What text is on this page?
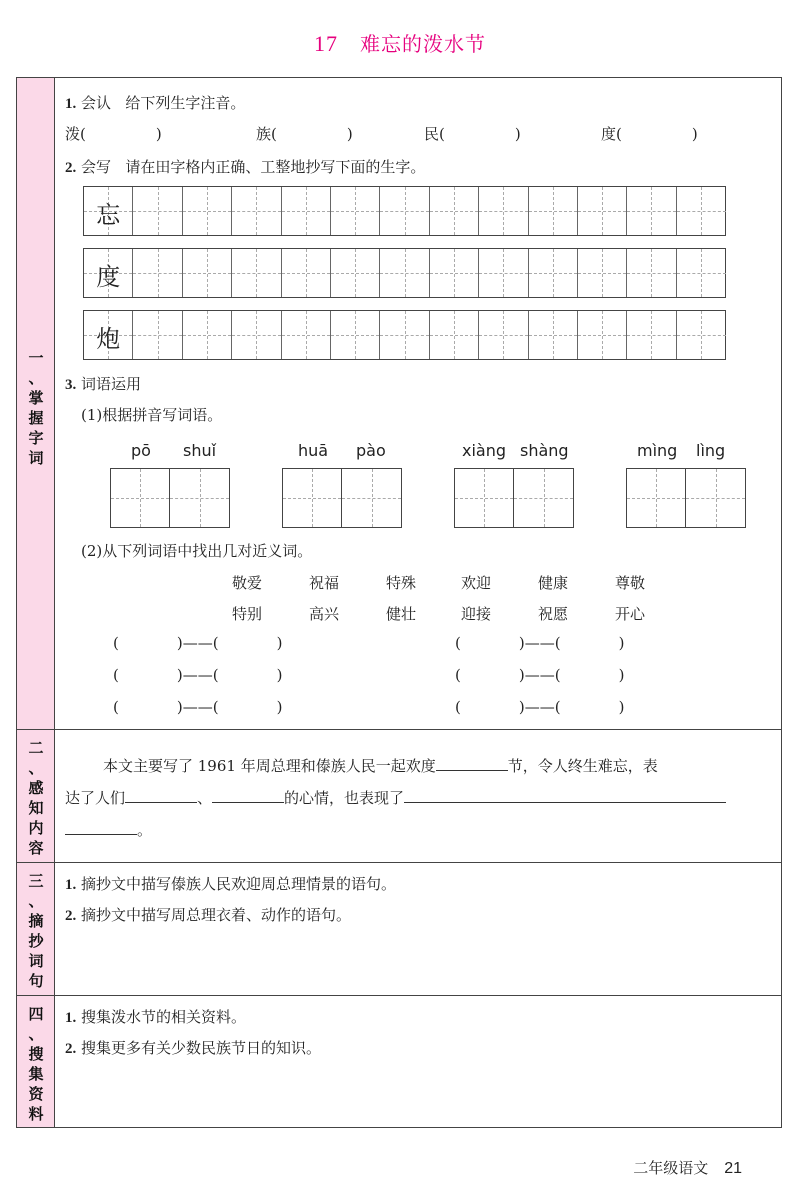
17 难忘的泼水节
一
、
掌
握
字
词
1. 会认 给下列生字注音。
泼(	)	族(	)	民(	)	度(	)
2. 会写 请在田字格内正确、工整地抄写下面的生字。
忘
度
炮
3. 词语运用
(1)根据拼音写词语。
pō shuǐ	huā pào	xiàng shàng	mìng lìng
(2)从下列词语中找出几对近义词。
敬爱	祝福	特殊	欢迎	健康	尊敬
特别	高兴	健壮	迎接	祝愿	开心
(	)——(	)	(	)——(	)
(	)——(	)	(	)——(	)
(	)——(	)	(	)——(	)
二
、
感
知
内
容
本文主要写了 1961 年周总理和傣族人民一起欢度	节，令人终生难忘，表
达了人们	、	的心情，也表现了
。
三
、
摘
抄
词
句
1. 摘抄文中描写傣族人民欢迎周总理情景的语句。
2. 摘抄文中描写周总理衣着、动作的语句。
四
、
搜
集
资
料
1. 搜集泼水节的相关资料。
2. 搜集更多有关少数民族节日的知识。
二年级语文 21
